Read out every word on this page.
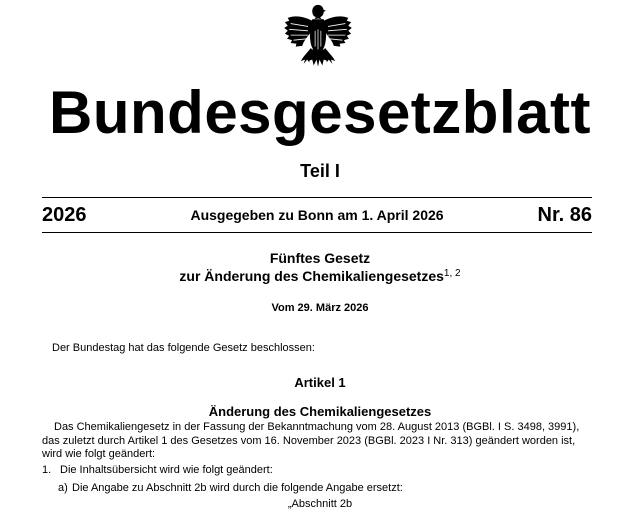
Bundesgesetzblatt
Teil I
2026	Ausgegeben zu Bonn am 1. April 2026	Nr. 86
Fünftes Gesetz
zur Änderung des Chemikaliengesetzes$^{1, 2}$
Vom 29. März 2026
Der Bundestag hat das folgende Gesetz beschlossen:
Artikel 1
Änderung des Chemikaliengesetzes
Das Chemikaliengesetz in der Fassung der Bekanntmachung vom 28. August 2013 (BGBl. I S. 3498, 3991), das zuletzt durch Artikel 1 des Gesetzes vom 16. November 2023 (BGBl. 2023 I Nr. 313) geändert worden ist, wird wie folgt geändert:
1. Die Inhaltsübersicht wird wie folgt geändert:
a) Die Angabe zu Abschnitt 2b wird durch die folgende Angabe ersetzt:
„Abschnitt 2b
